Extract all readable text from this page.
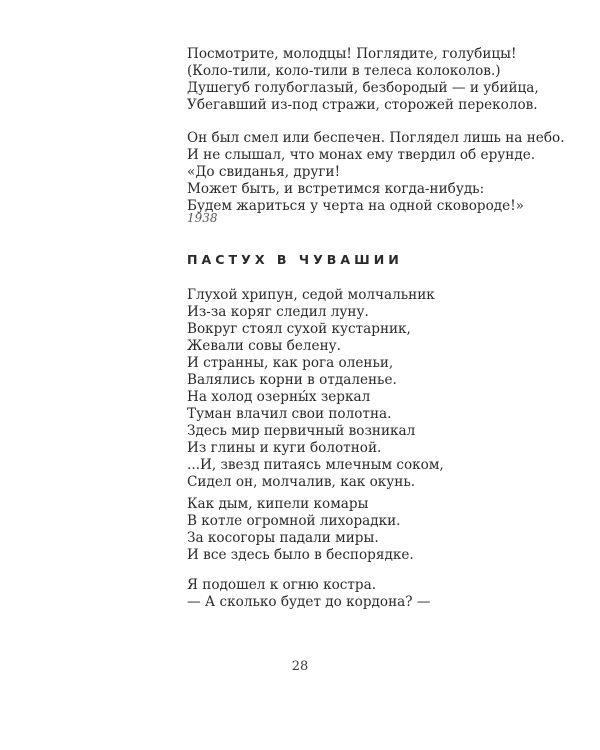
Посмотрите, молодцы! Поглядите, голубицы!
(Коло-тили, коло-тили в телеса колоколов.)
Душегуб голубоглазый, безбородый — и убийца,
Убегавший из-под стражи, сторожей переколов.
Он был смел или беспечен. Поглядел лишь на небо.
И не слышал, что монах ему твердил об ерунде.
«До свиданья, други!
Может быть, и встретимся когда-нибудь:
Будем жариться у черта на одной сковороде!»
1938
ПАСТУХ В ЧУВАШИИ
Глухой хрипун, седой молчальник
Из-за коряг следил луну.
Вокруг стоял сухой кустарник,
Жевали совы белену.
И странны, как рога оленьи,
Валялись корни в отдаленье.
На холод озерны́х зеркал
Туман влачил свои полотна.
Здесь мир первичный возникал
Из глины и куги болотной.
...И, звезд питаясь млечным соком,
Сидел он, молчалив, как окунь.
Как дым, кипели комары
В котле огромной лихорадки.
За косогоры падали миры.
И все здесь было в беспорядке.
Я подошел к огню костра.
— А сколько будет до кордона? —
28
